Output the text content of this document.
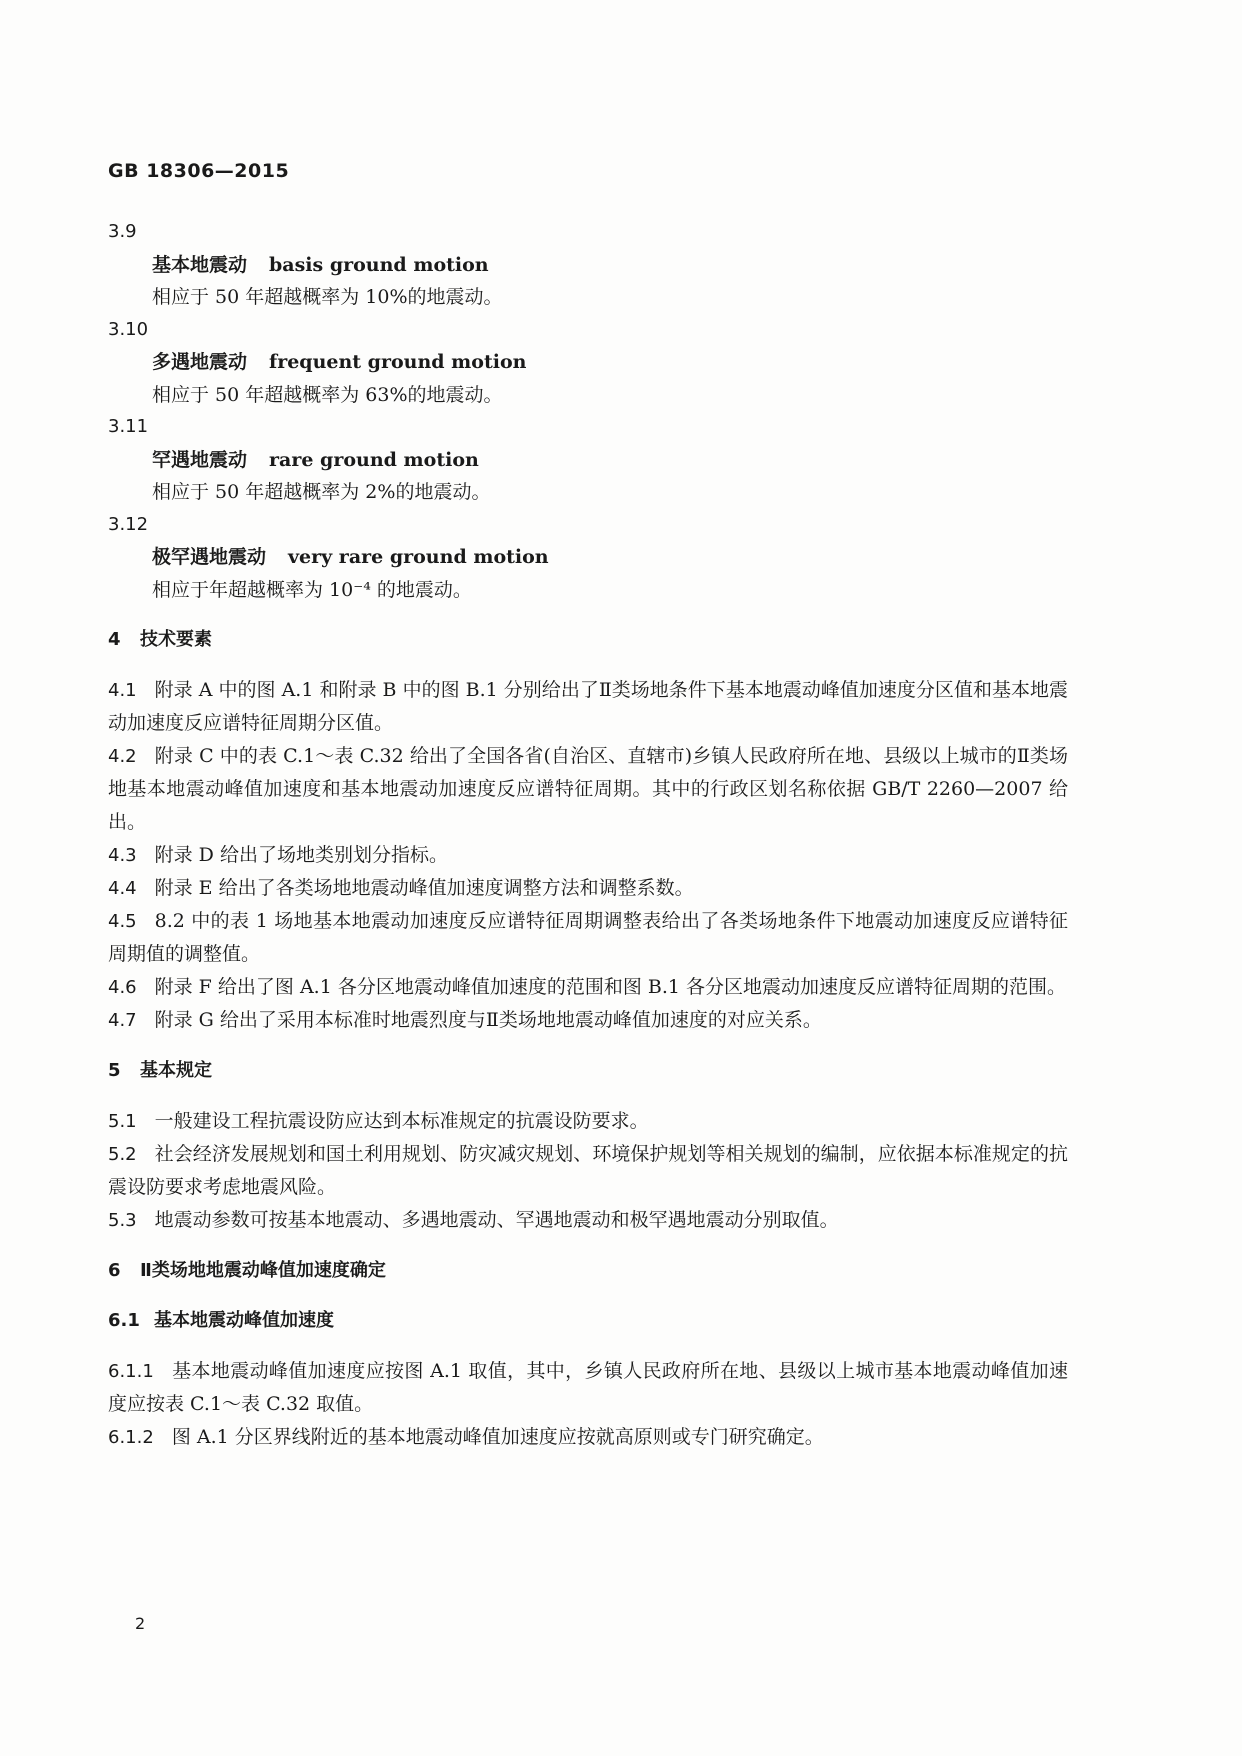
GB 18306—2015

3.9

基本地震动 basis ground motion

相应于 50 年超越概率为 10%的地震动。

3.10

多遇地震动 frequent ground motion

相应于 50 年超越概率为 63%的地震动。

3.11

罕遇地震动 rare ground motion

相应于 50 年超越概率为 2%的地震动。

3.12

极罕遇地震动 very rare ground motion

相应于年超越概率为 10⁻⁴ 的地震动。

4 技术要素

4.1 附录 A 中的图 A.1 和附录 B 中的图 B.1 分别给出了Ⅱ类场地条件下基本地震动峰值加速度分区值和基本地震动加速度反应谱特征周期分区值。

4.2 附录 C 中的表 C.1～表 C.32 给出了全国各省(自治区、直辖市)乡镇人民政府所在地、县级以上城市的Ⅱ类场地基本地震动峰值加速度和基本地震动加速度反应谱特征周期。其中的行政区划名称依据 GB/T 2260—2007 给出。

4.3 附录 D 给出了场地类别划分指标。

4.4 附录 E 给出了各类场地地震动峰值加速度调整方法和调整系数。

4.5 8.2 中的表 1 场地基本地震动加速度反应谱特征周期调整表给出了各类场地条件下地震动加速度反应谱特征周期值的调整值。

4.6 附录 F 给出了图 A.1 各分区地震动峰值加速度的范围和图 B.1 各分区地震动加速度反应谱特征周期的范围。

4.7 附录 G 给出了采用本标准时地震烈度与Ⅱ类场地地震动峰值加速度的对应关系。

5 基本规定

5.1 一般建设工程抗震设防应达到本标准规定的抗震设防要求。

5.2 社会经济发展规划和国土利用规划、防灾减灾规划、环境保护规划等相关规划的编制，应依据本标准规定的抗震设防要求考虑地震风险。

5.3 地震动参数可按基本地震动、多遇地震动、罕遇地震动和极罕遇地震动分别取值。

6 Ⅱ类场地地震动峰值加速度确定

6.1 基本地震动峰值加速度

6.1.1 基本地震动峰值加速度应按图 A.1 取值，其中，乡镇人民政府所在地、县级以上城市基本地震动峰值加速度应按表 C.1～表 C.32 取值。

6.1.2 图 A.1 分区界线附近的基本地震动峰值加速度应按就高原则或专门研究确定。

2
